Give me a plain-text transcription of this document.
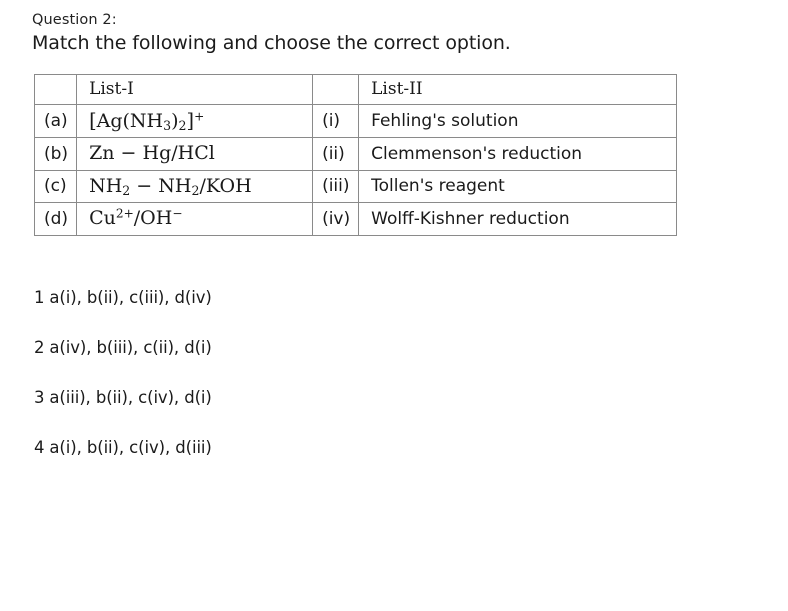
Question 2:
Match the following and choose the correct option.
	List-I		List-II
(a)	$[Ag(NH_3)_2]^+$	(i)	Fehling's solution
(b)	Zn − Hg/HCl	(ii)	Clemmenson's reduction
(c)	$NH_2 - NH_2/KOH$	(iii)	Tollen's reagent
(d)	$Cu^{2+}/OH^-$	(iv)	Wolff-Kishner reduction
1 a(i), b(ii), c(iii), d(iv)
2 a(iv), b(iii), c(ii), d(i)
3 a(iii), b(ii), c(iv), d(i)
4 a(i), b(ii), c(iv), d(iii)
